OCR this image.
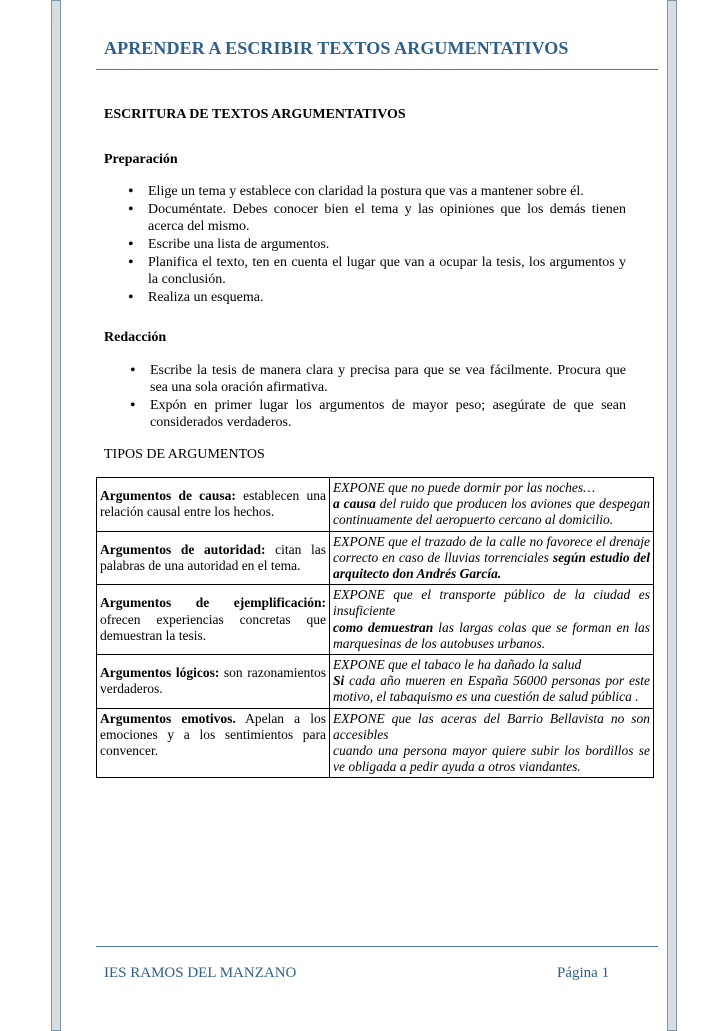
APRENDER A ESCRIBIR TEXTOS ARGUMENTATIVOS
ESCRITURA DE TEXTOS ARGUMENTATIVOS
Preparación
• Elige un tema y establece con claridad la postura que vas a mantener sobre él.
• Documéntate. Debes conocer bien el tema y las opiniones que los demás tienen acerca del mismo.
• Escribe una lista de argumentos.
• Planifica el texto, ten en cuenta el lugar que van a ocupar la tesis, los argumentos y la conclusión.
• Realiza un esquema.
Redacción
• Escribe la tesis de manera clara y precisa para que se vea fácilmente. Procura que sea una sola oración afirmativa.
• Expón en primer lugar los argumentos de mayor peso; asegúrate de que sean considerados verdaderos.
TIPOS DE ARGUMENTOS
Argumentos de causa: establecen una relación causal entre los hechos.	EXPONE que no puede dormir por las noches…
a causa del ruido que producen los aviones que despegan continuamente del aeropuerto cercano al domicilio.
Argumentos de autoridad: citan las palabras de una autoridad en el tema.	EXPONE que el trazado de la calle no favorece el drenaje correcto en caso de lluvias torrenciales según estudio del arquitecto don Andrés García.
Argumentos de ejemplificación: ofrecen experiencias concretas que demuestran la tesis.	EXPONE que el transporte público de la ciudad es insuficiente
como demuestran las largas colas que se forman en las marquesinas de los autobuses urbanos.
Argumentos lógicos: son razonamientos verdaderos.	EXPONE que el tabaco le ha dañado la salud
Si cada año mueren en España 56000 personas por este motivo, el tabaquismo es una cuestión de salud pública .
Argumentos emotivos. Apelan a los emociones y a los sentimientos para convencer.	EXPONE que las aceras del Barrio Bellavista no son accesibles
cuando una persona mayor quiere subir los bordillos se ve obligada a pedir ayuda a otros viandantes.
IES RAMOS DEL MANZANO	Página 1
